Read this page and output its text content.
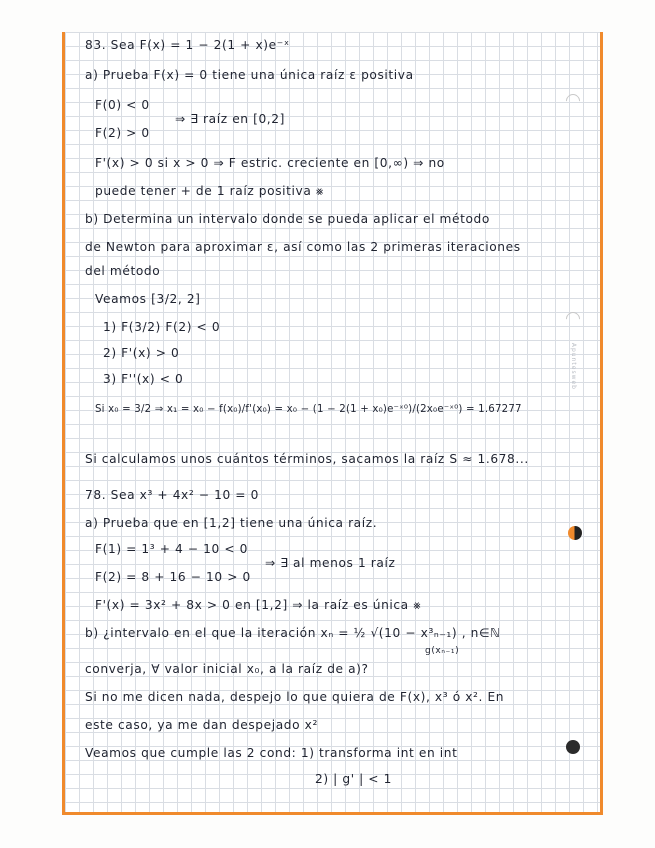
83. Sea F(x) = 1 − 2(1 + x)e⁻ˣ
a) Prueba F(x) = 0 tiene una única raíz ε positiva
F(0) < 0
⇒ ∃ raíz en [0,2]
F(2) > 0
F'(x) > 0 si x > 0 ⇒ F estric. creciente en [0,∞) ⇒ no
puede tener + de 1 raíz positiva ⨳
b) Determina un intervalo donde se pueda aplicar el método
de Newton para aproximar ε, así como las 2 primeras iteraciones
del método
Veamos [3/2, 2]
1) F(3/2) F(2) < 0
2) F'(x) > 0
3) F''(x) < 0
Si x₀ = 3/2 ⇒ x₁ = x₀ − f(x₀)/f'(x₀) = x₀ − (1 − 2(1 + x₀)e⁻ˣ⁰)/(2x₀e⁻ˣ⁰) = 1.67277
Si calculamos unos cuántos términos, sacamos la raíz S ≈ 1.678...
78. Sea x³ + 4x² − 10 = 0
a) Prueba que en [1,2] tiene una única raíz.
F(1) = 1³ + 4 − 10 < 0
⇒ ∃ al menos 1 raíz
F(2) = 8 + 16 − 10 > 0
F'(x) = 3x² + 8x > 0 en [1,2] ⇒ la raíz es única ⨳
b) ¿intervalo en el que la iteración xₙ = ½ √(10 − x³ₙ₋₁) , n∈ℕ
g(xₙ₋₁)
converja, ∀ valor inicial x₀, a la raíz de a)?
Si no me dicen nada, despejo lo que quiera de F(x), x³ ó x². En
este caso, ya me dan despejado x²
Veamos que cumple las 2 cond: 1) transforma int en int
2) | g' | < 1
Apuntesweb
